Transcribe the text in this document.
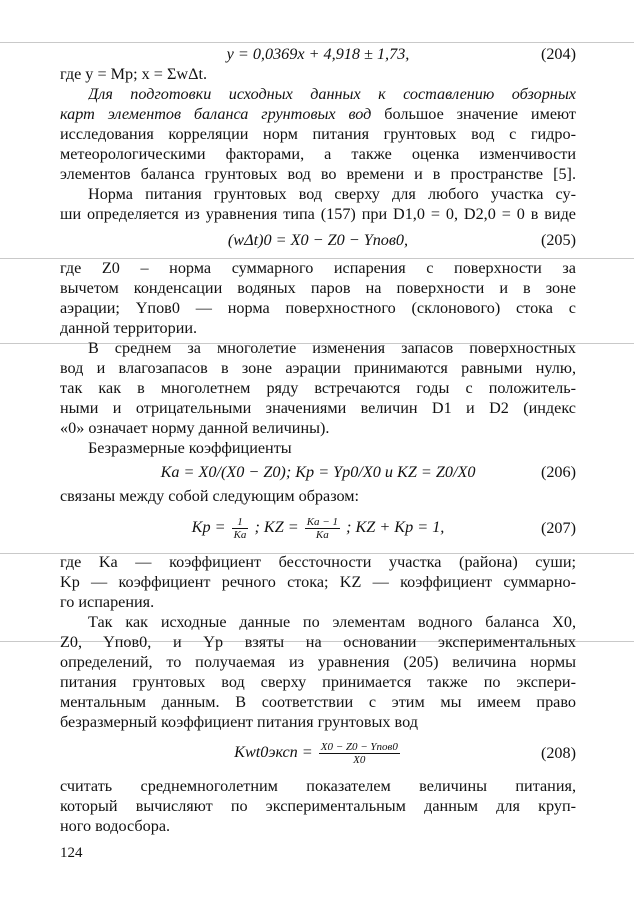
y = 0,0369x + 4,918 ± 1,73,	(204)
где y = Mр; x = ΣwΔt.
Для подготовки исходных данных к составлению обзорных
карт элементов баланса грунтовых вод большое значение имеют
исследования корреляции норм питания грунтовых вод с гидро-
метеорологическими факторами, а также оценка изменчивости
элементов баланса грунтовых вод во времени и в пространстве [5].
Норма питания грунтовых вод сверху для любого участка су-
ши определяется из уравнения типа (157) при D1,0 = 0, D2,0 = 0 в виде
(wΔt)0 = X0 − Z0 − Yпов0,	(205)
где Z0 – норма суммарного испарения с поверхности за
вычетом конденсации водяных паров на поверхности и в зоне
аэрации; Yпов0 — норма поверхностного (склонового) стока с
данной территории.
В среднем за многолетие изменения запасов поверхностных
вод и влагозапасов в зоне аэрации принимаются равными нулю,
так как в многолетнем ряду встречаются годы с положитель-
ными и отрицательными значениями величин D1 и D2 (индекс
«0» означает норму данной величины).
Безразмерные коэффициенты
Ka = X0/(X0 − Z0); Kр = Yр0/X0 и KZ = Z0/X0	(206)
связаны между собой следующим образом:
Kр = $\frac{1}{Ka}$ ; KZ = $\frac{Ka - 1}{Ka}$ ; KZ + Kр = 1,	(207)
где Ka — коэффициент бессточности участка (района) суши;
Kр — коэффициент речного стока; KZ — коэффициент суммарно-
го испарения.
Так как исходные данные по элементам водного баланса X0,
Z0, Yпов0, и Yр взяты на основании экспериментальных
определений, то получаемая из уравнения (205) величина нормы
питания грунтовых вод сверху принимается также по экспери-
ментальным данным. В соответствии с этим мы имеем право
безразмерный коэффициент питания грунтовых вод
Kwt0эксп = $\frac{\text{X0 − Z0 − Yпов0}}{X0}$	(208)
считать среднемноголетним показателем величины питания,
который вычисляют по экспериментальным данным для круп-
ного водосбора.
124
